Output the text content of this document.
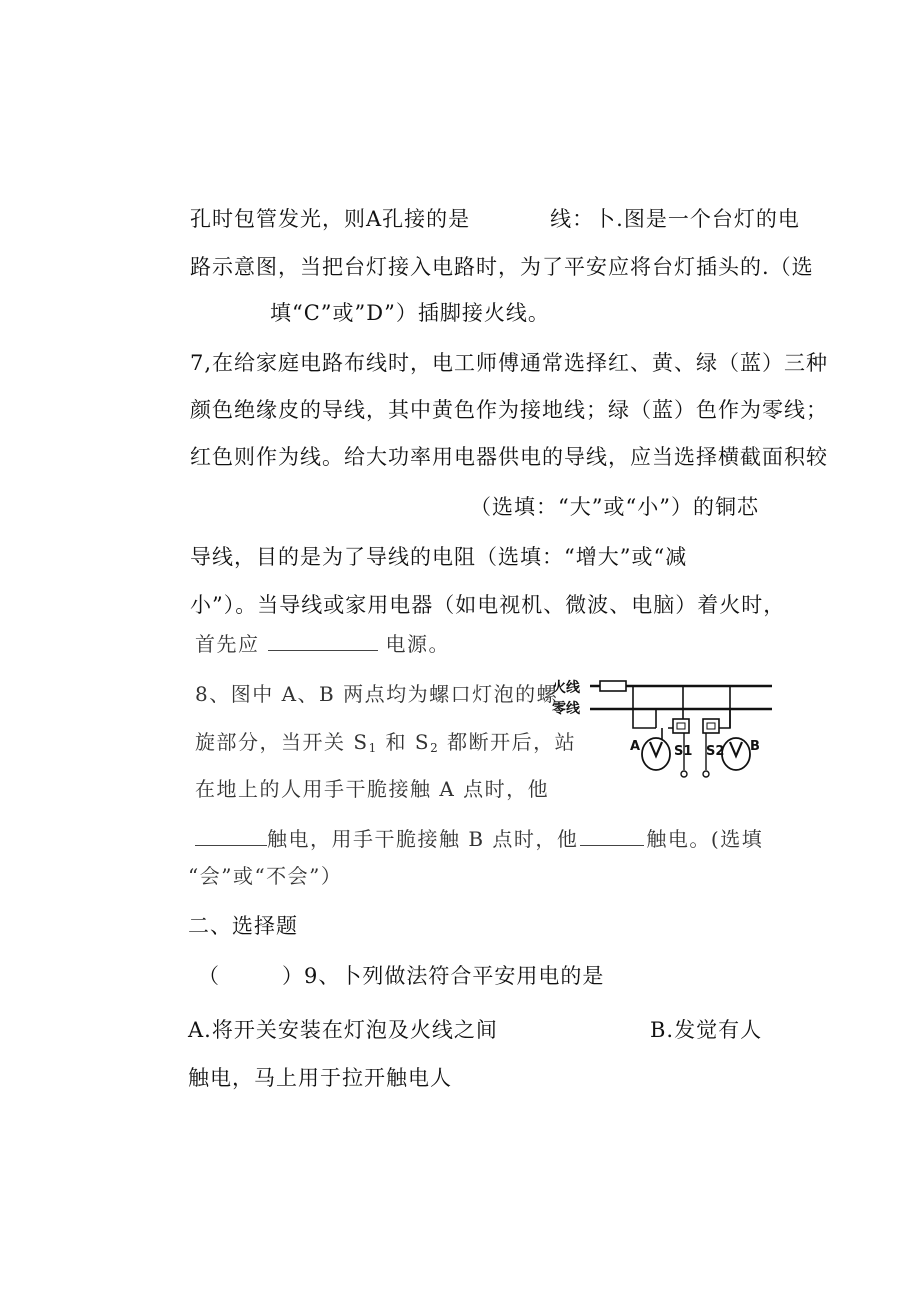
孔时包管发光，则A孔接的是	线：卜.图是一个台灯的电
路示意图，当把台灯接入电路时，为了平安应将台灯插头的.（选
填“C”或”D”）插脚接火线。
7,在给家庭电路布线时，电工师傅通常选择红、黄、绿（蓝）三种
颜色绝缘皮的导线，其中黄色作为接地线；绿（蓝）色作为零线；
红色则作为线。给大功率用电器供电的导线，应当选择横截面积较
（选填：“大”或“小”）的铜芯
导线，目的是为了导线的电阻（选填：“增大”或“减
小”）。当导线或家用电器（如电视机、微波、电脑）着火时，
首先应	电源。
8、图中 A、B 两点均为螺口灯泡的螺
旋部分，当开关 $S_1$ 和 $S_2$ 都断开后，站
在地上的人用手干脆接触 A 点时，他
火线
零线
A	S1 S2 B
触电，用手干脆接触 B 点时，他	触电。(选填
“会”或“不会”）
二、选择题
（	）9、卜列做法符合平安用电的是
A.将开关安装在灯泡及火线之间	B.发觉有人
触电，马上用于拉开触电人
